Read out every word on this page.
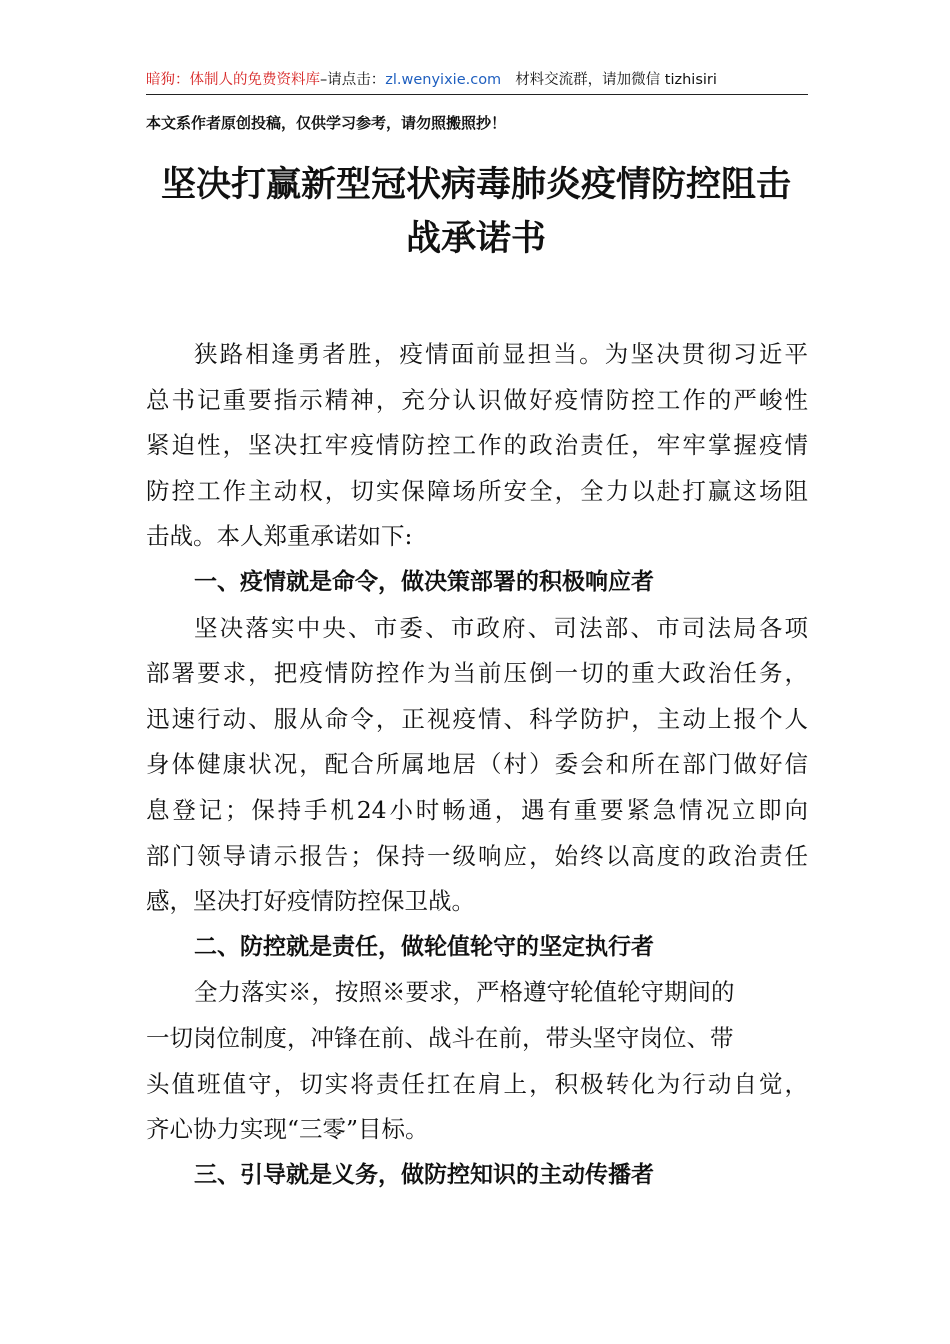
暗狗：体制人的免费资料库–请点击：zl.wenyixie.com 材料交流群，请加微信 tizhisiri
本文系作者原创投稿，仅供学习参考，请勿照搬照抄！
坚决打赢新型冠状病毒肺炎疫情防控阻击
战承诺书
狭路相逢勇者胜，疫情面前显担当。为坚决贯彻习近平
总书记重要指示精神，充分认识做好疫情防控工作的严峻性
紧迫性，坚决扛牢疫情防控工作的政治责任，牢牢掌握疫情
防控工作主动权，切实保障场所安全，全力以赴打赢这场阻
击战。本人郑重承诺如下:
一、疫情就是命令，做决策部署的积极响应者
坚决落实中央、市委、市政府、司法部、市司法局各项
部署要求，把疫情防控作为当前压倒一切的重大政治任务，
迅速行动、服从命令，正视疫情、科学防护，主动上报个人
身体健康状况，配合所属地居（村）委会和所在部门做好信
息登记；保持手机24小时畅通，遇有重要紧急情况立即向
部门领导请示报告；保持一级响应，始终以高度的政治责任
感，坚决打好疫情防控保卫战。
二、防控就是责任，做轮值轮守的坚定执行者
全力落实※，按照※要求，严格遵守轮值轮守期间的
一切岗位制度，冲锋在前、战斗在前，带头坚守岗位、带
头值班值守，切实将责任扛在肩上，积极转化为行动自觉，
齐心协力实现“三零”目标。
三、引导就是义务，做防控知识的主动传播者
